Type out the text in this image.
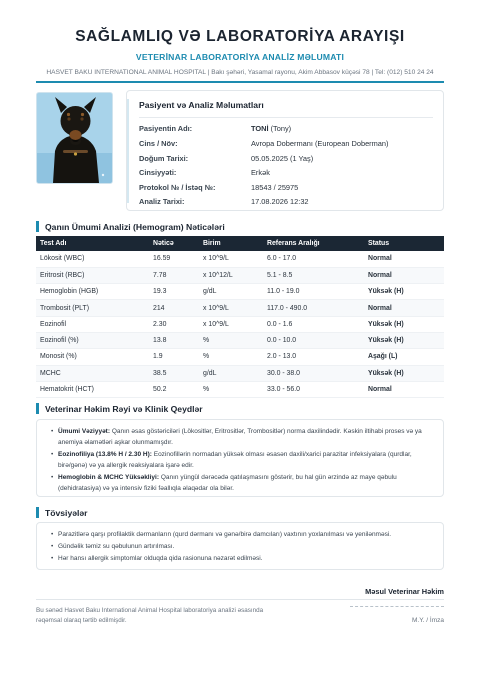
SAĞLAMLIQ VƏ LABORATORİYA ARAYIŞI
VETERİNAR LABORATORİYA ANALİZ MƏLUMATI
HASVET BAKU INTERNATIONAL ANIMAL HOSPITAL | Bakı şəhəri, Yasamal rayonu, Akim Abbasov küçəsi 78 | Tel: (012) 510 24 24
Pasiyent və Analiz Məlumatları
Pasiyentin Adı:	TONİ (Tony)
Cins / Növ:	Avropa Dobermanı (European Doberman)
Doğum Tarixi:	05.05.2025 (1 Yaş)
Cinsiyyəti:	Erkək
Protokol № / İstəq №:	18543 / 25975
Analiz Tarixi:	17.08.2026 12:32
Qanın Ümumi Analizi (Hemogram) Nəticələri
Test Adı	Nəticə	Birim	Referans Aralığı	Status
Lökosit (WBC)	16.59	x 10^9/L	6.0 - 17.0	Normal
Eritrosit (RBC)	7.78	x 10^12/L	5.1 - 8.5	Normal
Hemoglobin (HGB)	19.3	g/dL	11.0 - 19.0	Yüksək (H)
Trombosit (PLT)	214	x 10^9/L	117.0 - 490.0	Normal
Eozinofil	2.30	x 10^9/L	0.0 - 1.6	Yüksək (H)
Eozinofil (%)	13.8	%	0.0 - 10.0	Yüksək (H)
Monosit (%)	1.9	%	2.0 - 13.0	Aşağı (L)
MCHC	38.5	g/dL	30.0 - 38.0	Yüksək (H)
Hematokrit (HCT)	50.2	%	33.0 - 56.0	Normal
Veterinar Həkim Rəyi və Klinik Qeydlər
• Ümumi Vəziyyət: Qanın əsas göstəriciləri (Lökositlər, Eritrositlər, Trombositlər) norma daxilindədir. Kəskin iltihabi proses və ya anemiya əlamətləri aşkar olunmamışdır.
• Eozinofiliya (13.8% H / 2.30 H): Eozinofillərin normadan yüksək olması əsasən daxili/xarici parazitar infeksiyalara (qurdlar, birə/gənə) və ya allergik reaksiyalara işarə edir.
• Hemoglobin & MCHC Yüksəkliyi: Qanın yüngül dərəcədə qatılaşmasını göstərir, bu hal gün ərzində az maye qəbulu (dehidratasiya) və ya intensiv fiziki fəallıqla əlaqədar ola bilər.
Tövsiyələr
• Parazitlərə qarşı profilaktik dərmanların (qurd dərmanı və gənə/birə damcıları) vaxtının yoxlanılması və yenilənməsi.
• Gündəlik təmiz su qəbulunun artırılması.
• Hər hansı allergik simptomlar olduqda qida rasionuna nəzarət edilməsi.
Məsul Veterinar Həkim
Bu sənəd Hasvet Baku International Animal Hospital laboratoriya analizi əsasında rəqəmsal olaraq tərtib edilmişdir.	M.Y. / İmza
